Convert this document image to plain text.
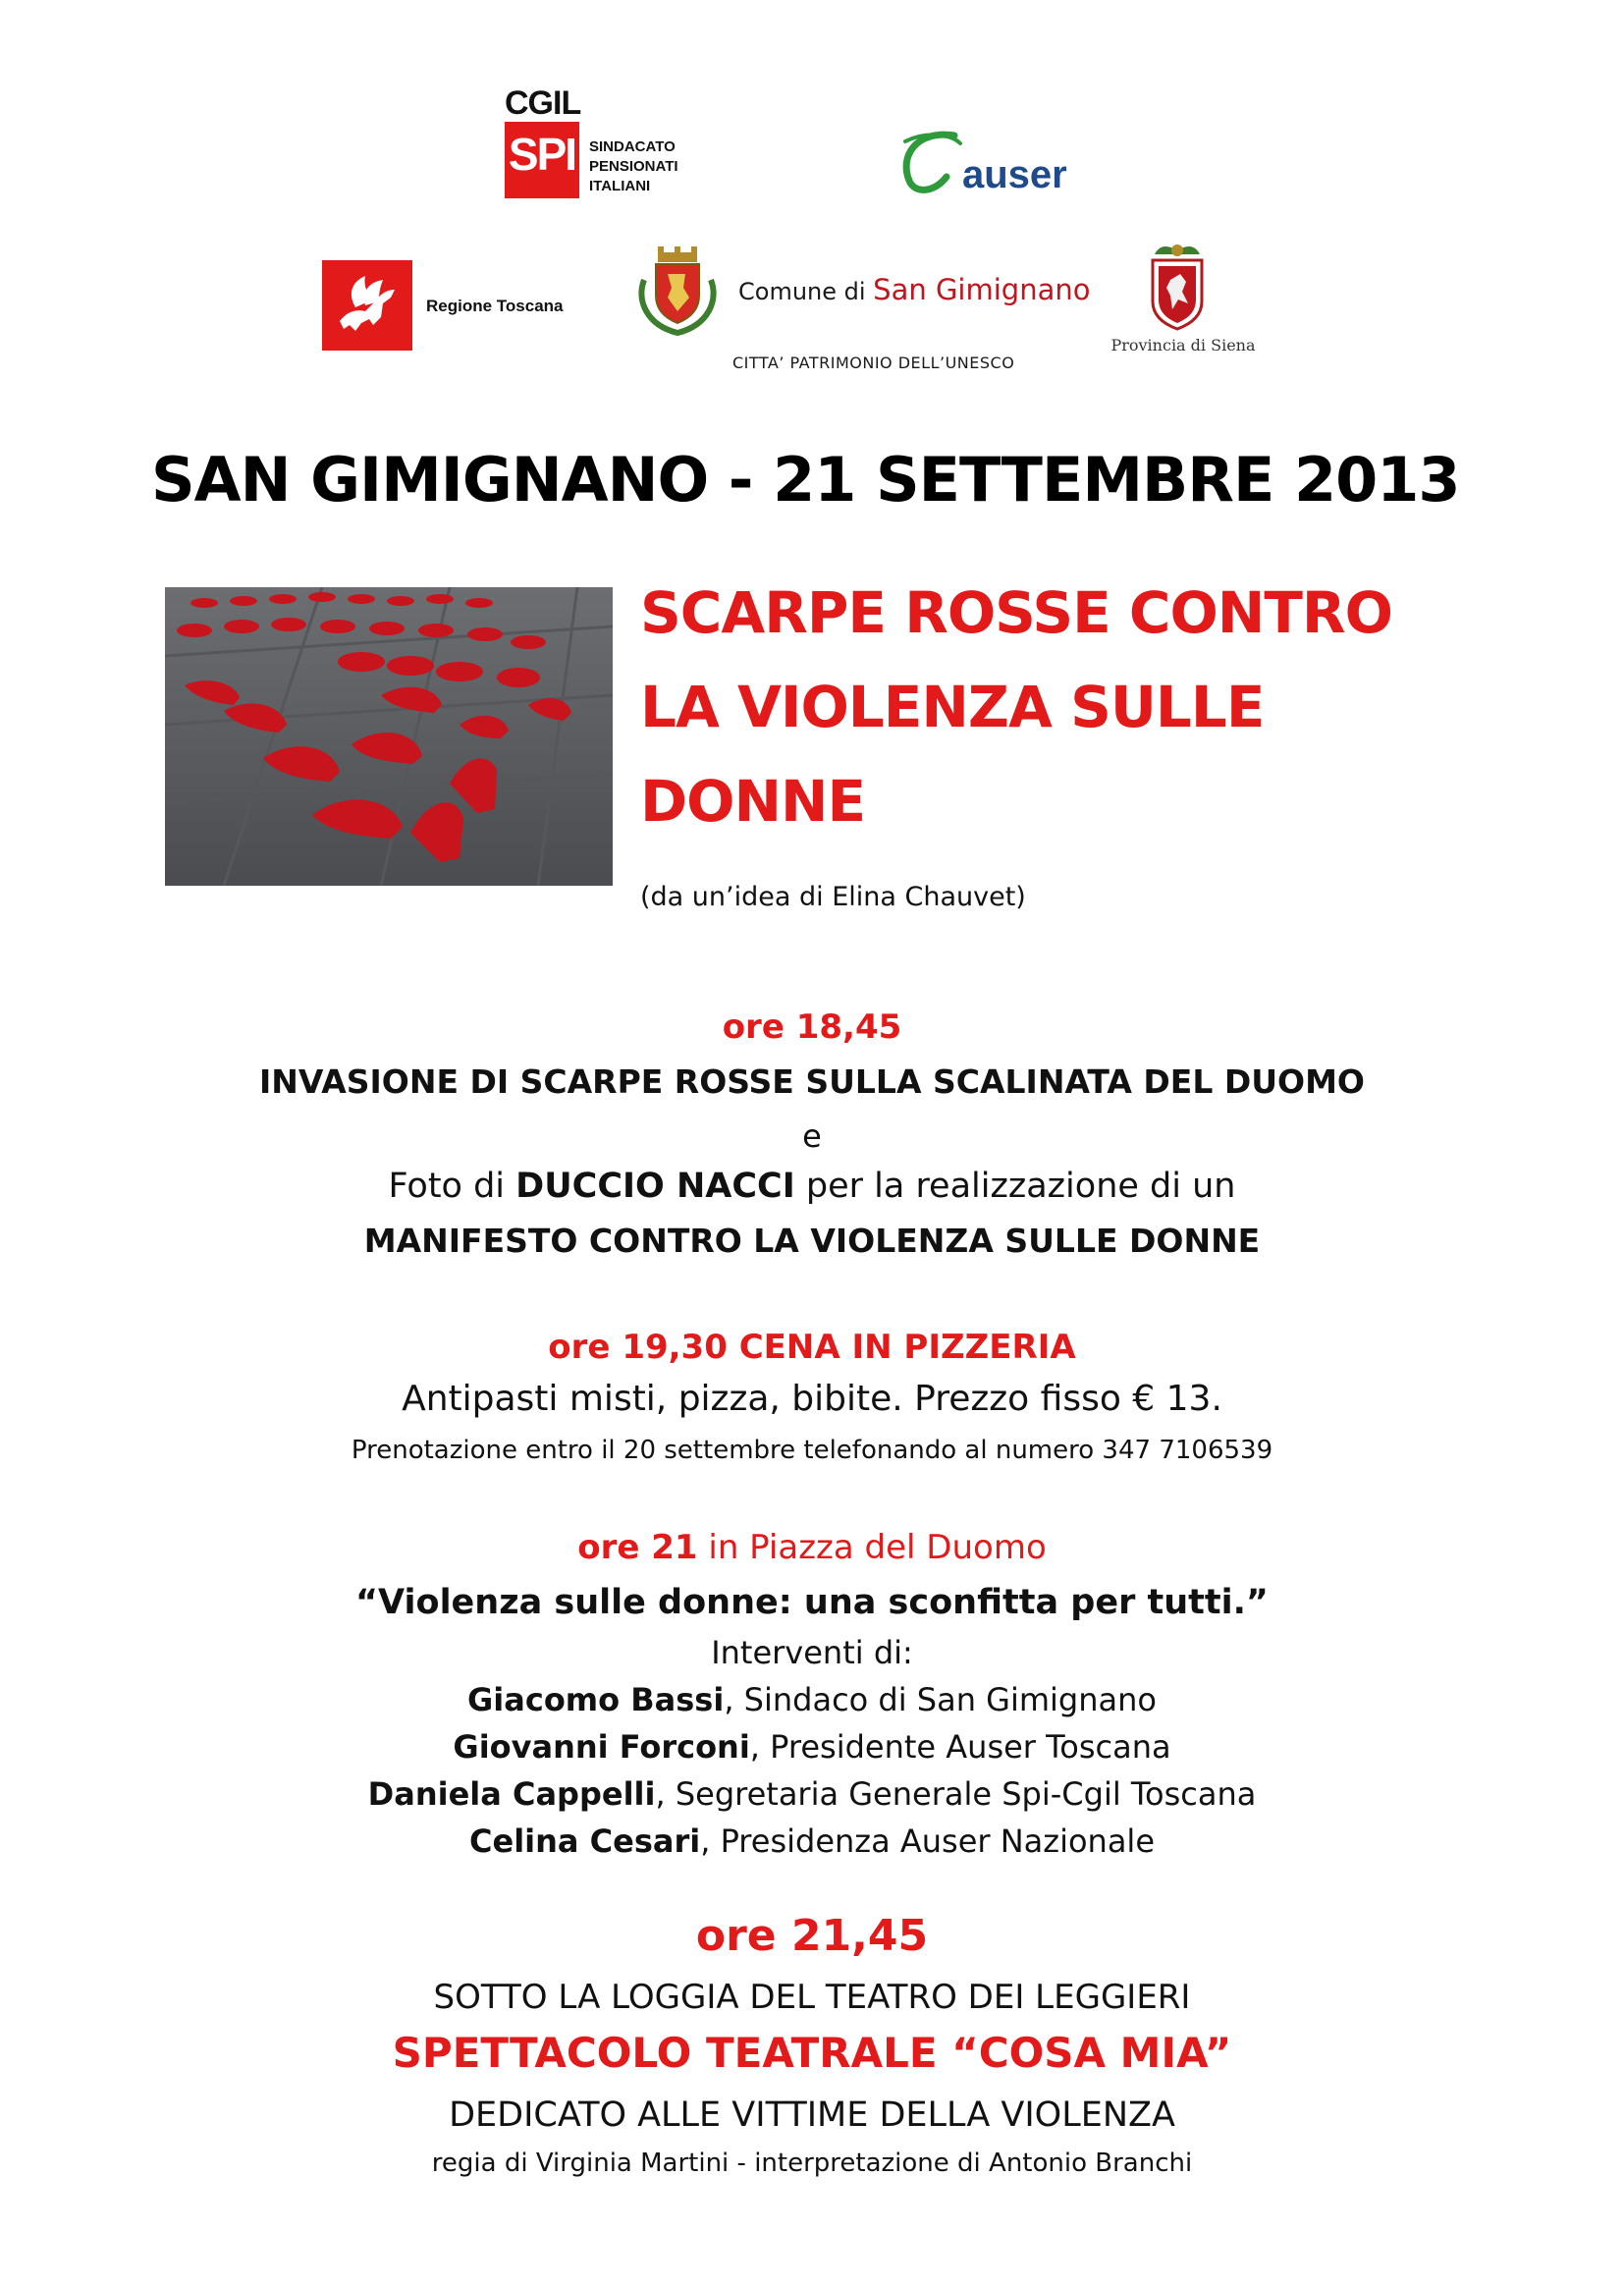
CGIL
SPI SINDACATO
PENSIONATI
ITALIANI	auser
Regione Toscana
Comune di San Gimignano
CITTA’ PATRIMONIO DELL’UNESCO
Provincia di Siena
SAN GIMIGNANO - 21 SETTEMBRE 2013
SCARPE ROSSE CONTRO
LA VIOLENZA SULLE
DONNE
(da un’idea di Elina Chauvet)
ore 18,45
INVASIONE DI SCARPE ROSSE SULLA SCALINATA DEL DUOMO
e
Foto di DUCCIO NACCI per la realizzazione di un
MANIFESTO CONTRO LA VIOLENZA SULLE DONNE
ore 19,30 CENA IN PIZZERIA
Antipasti misti, pizza, bibite. Prezzo fisso € 13.
Prenotazione entro il 20 settembre telefonando al numero 347 7106539
ore 21 in Piazza del Duomo
“Violenza sulle donne: una sconfitta per tutti.”
Interventi di:
Giacomo Bassi, Sindaco di San Gimignano
Giovanni Forconi, Presidente Auser Toscana
Daniela Cappelli, Segretaria Generale Spi-Cgil Toscana
Celina Cesari, Presidenza Auser Nazionale
ore 21,45
SOTTO LA LOGGIA DEL TEATRO DEI LEGGIERI
SPETTACOLO TEATRALE “COSA MIA”
DEDICATO ALLE VITTIME DELLA VIOLENZA
regia di Virginia Martini - interpretazione di Antonio Branchi
